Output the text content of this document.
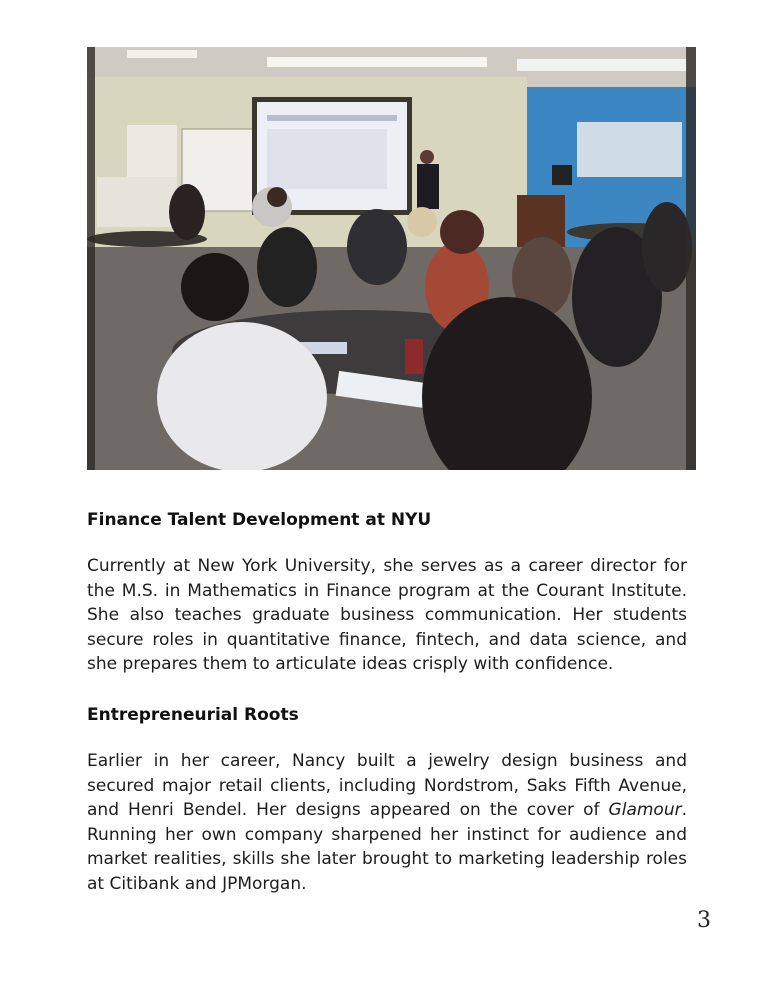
Finance Talent Development at NYU

Currently at New York University, she serves as a career director for the M.S. in Mathematics in Finance program at the Courant Institute. She also teaches graduate business communication. Her students secure roles in quantitative finance, fintech, and data science, and she prepares them to articulate ideas crisply with confidence.

Entrepreneurial Roots

Earlier in her career, Nancy built a jewelry design business and secured major retail clients, including Nordstrom, Saks Fifth Avenue, and Henri Bendel. Her designs appeared on the cover of Glamour. Running her own company sharpened her instinct for audience and market realities, skills she later brought to marketing leadership roles at Citibank and JPMorgan.

3
